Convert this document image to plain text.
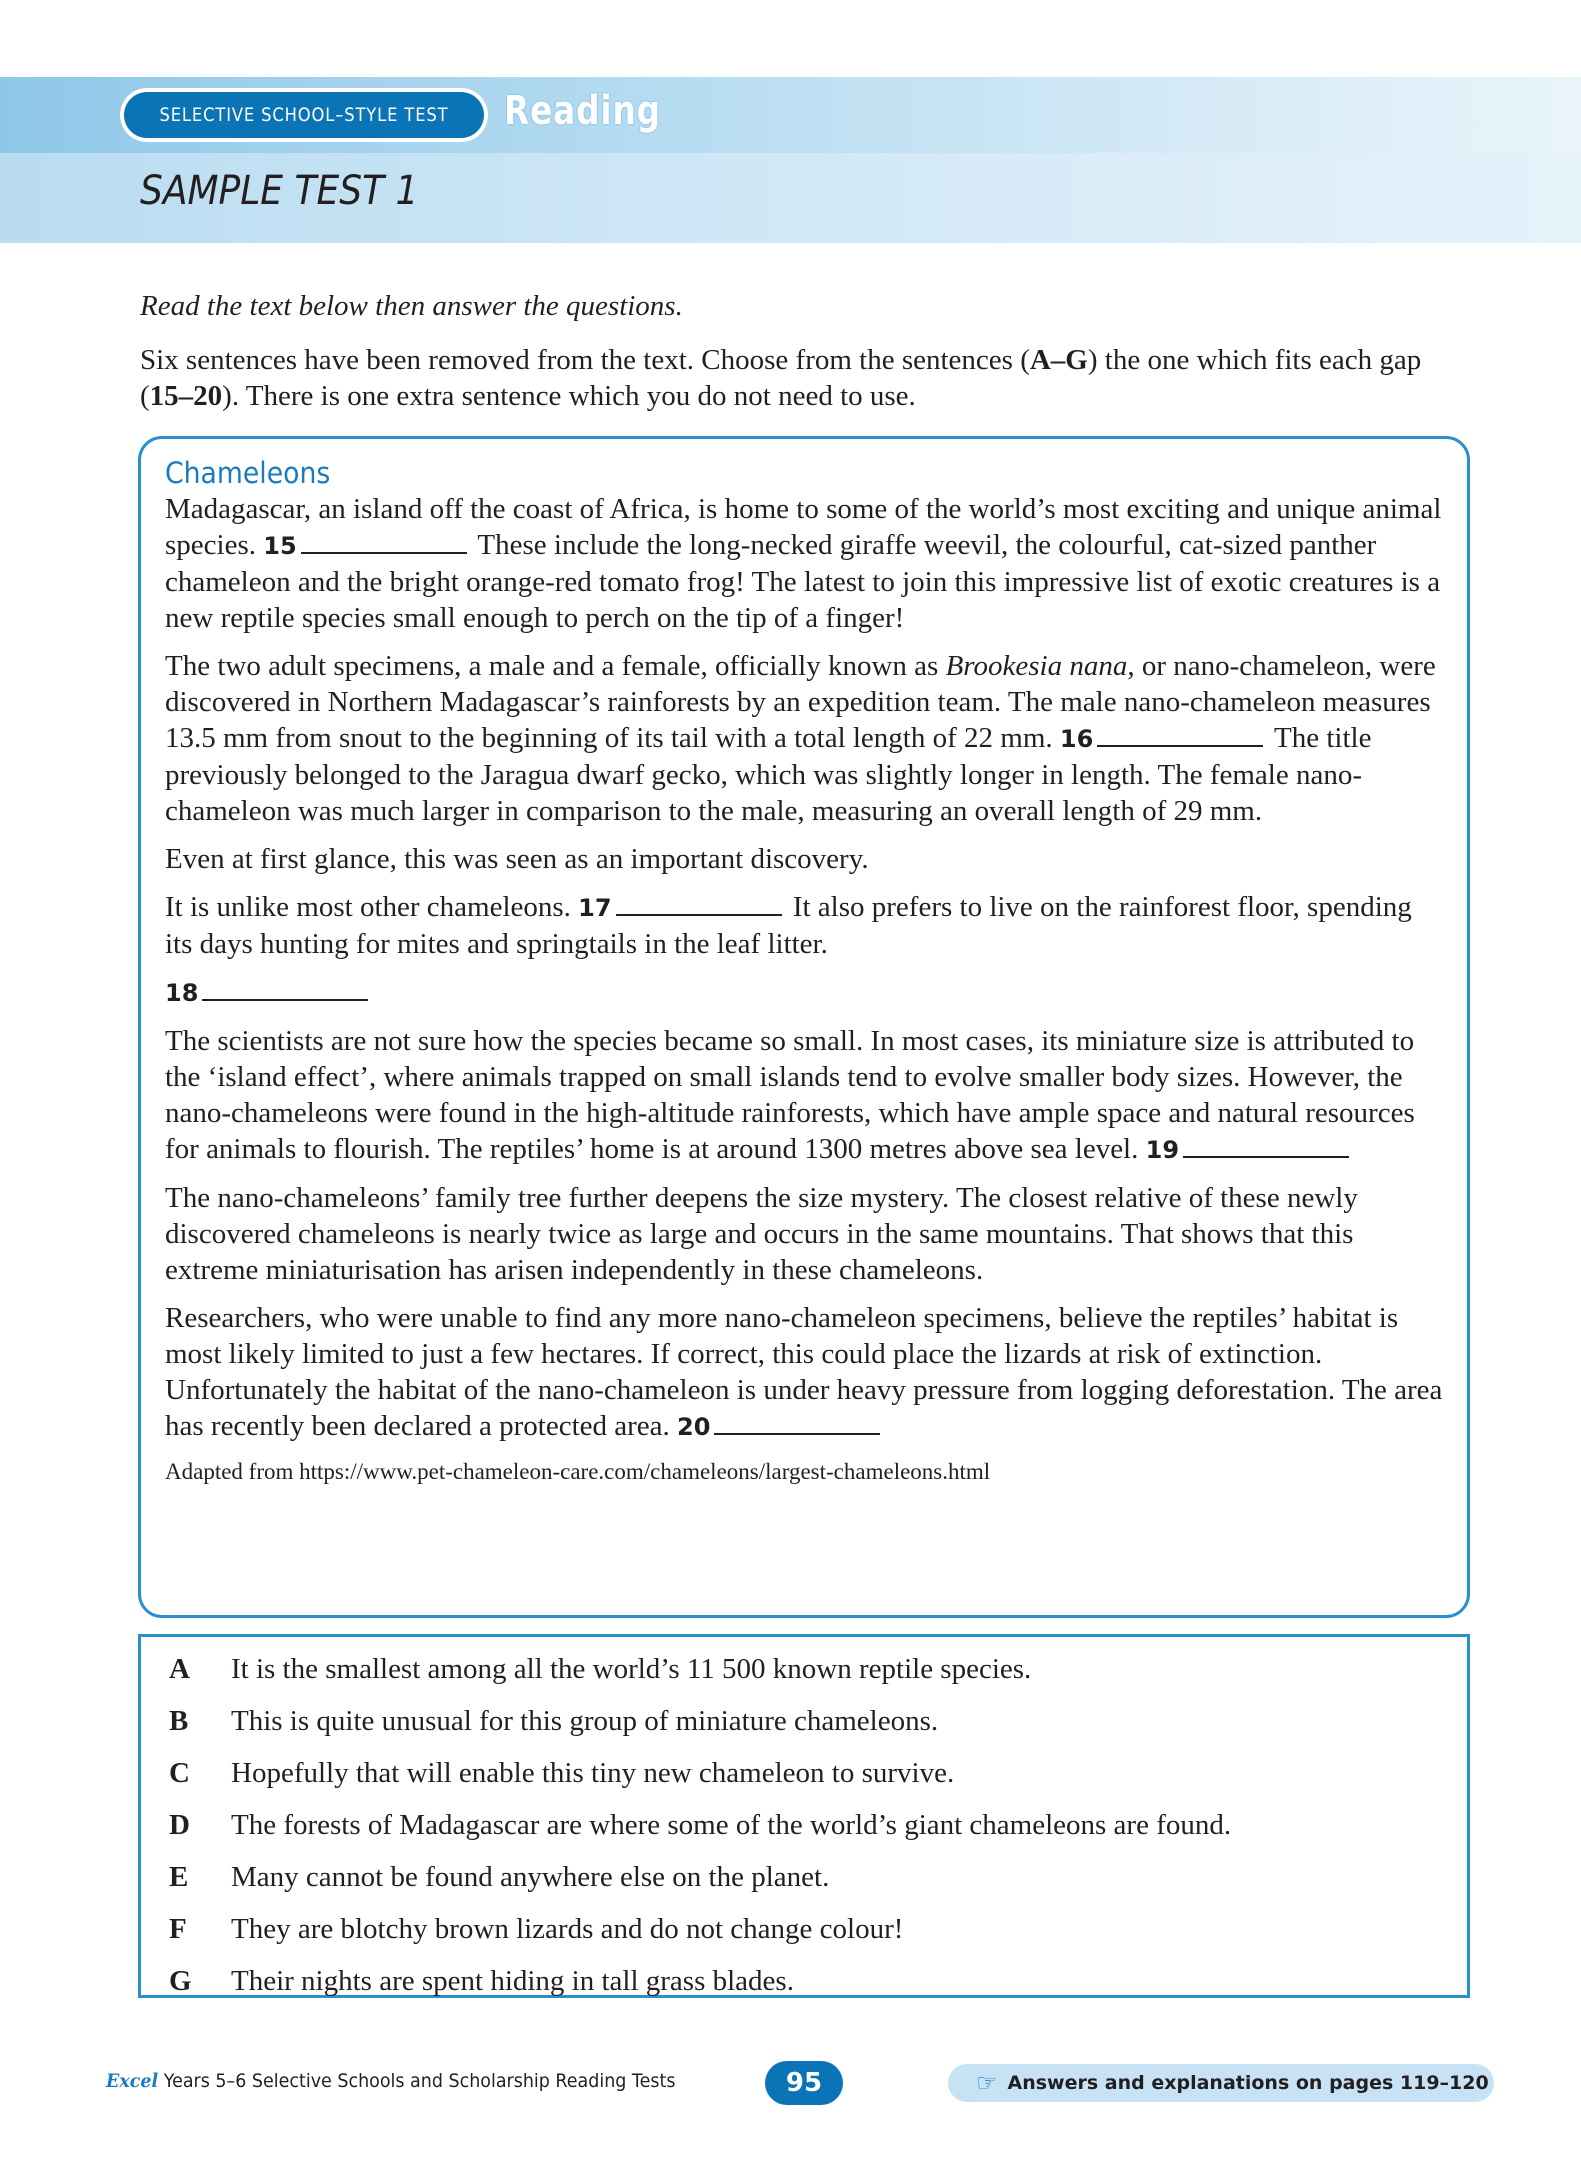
SELECTIVE SCHOOL–STYLE TEST Reading
SAMPLE TEST 1
Read the text below then answer the questions.
Six sentences have been removed from the text. Choose from the sentences (A–G) the one which fits each gap (15–20). There is one extra sentence which you do not need to use.
Chameleons

Madagascar, an island off the coast of Africa, is home to some of the world’s most exciting and unique animal species. 15	These include the long-necked giraffe weevil, the colourful, cat-sized panther chameleon and the bright orange-red tomato frog! The latest to join this impressive list of exotic creatures is a new reptile species small enough to perch on the tip of a finger!

The two adult specimens, a male and a female, officially known as Brookesia nana, or nano-chameleon, were discovered in Northern Madagascar’s rainforests by an expedition team. The male nano-chameleon measures 13.5 mm from snout to the beginning of its tail with a total length of 22 mm. 16	The title previously belonged to the Jaragua dwarf gecko, which was slightly longer in length. The female nano-chameleon was much larger in comparison to the male, measuring an overall length of 29 mm.

Even at first glance, this was seen as an important discovery.

It is unlike most other chameleons. 17	It also prefers to live on the rainforest floor, spending its days hunting for mites and springtails in the leaf litter.

18

The scientists are not sure how the species became so small. In most cases, its miniature size is attributed to the ‘island effect’, where animals trapped on small islands tend to evolve smaller body sizes. However, the nano-chameleons were found in the high-altitude rainforests, which have ample space and natural resources for animals to flourish. The reptiles’ home is at around 1300 metres above sea level. 19

The nano-chameleons’ family tree further deepens the size mystery. The closest relative of these newly discovered chameleons is nearly twice as large and occurs in the same mountains. That shows that this extreme miniaturisation has arisen independently in these chameleons.

Researchers, who were unable to find any more nano-chameleon specimens, believe the reptiles’ habitat is most likely limited to just a few hectares. If correct, this could place the lizards at risk of extinction. Unfortunately the habitat of the nano-chameleon is under heavy pressure from logging deforestation. The area has recently been declared a protected area. 20

Adapted from https://www.pet-chameleon-care.com/chameleons/largest-chameleons.html
A	It is the smallest among all the world’s 11 500 known reptile species.
B	This is quite unusual for this group of miniature chameleons.
C	Hopefully that will enable this tiny new chameleon to survive.
D	The forests of Madagascar are where some of the world’s giant chameleons are found.
E	Many cannot be found anywhere else on the planet.
F	They are blotchy brown lizards and do not change colour!
G	Their nights are spent hiding in tall grass blades.
Excel Years 5–6 Selective Schools and Scholarship Reading Tests	95	☞ Answers and explanations on pages 119–120
